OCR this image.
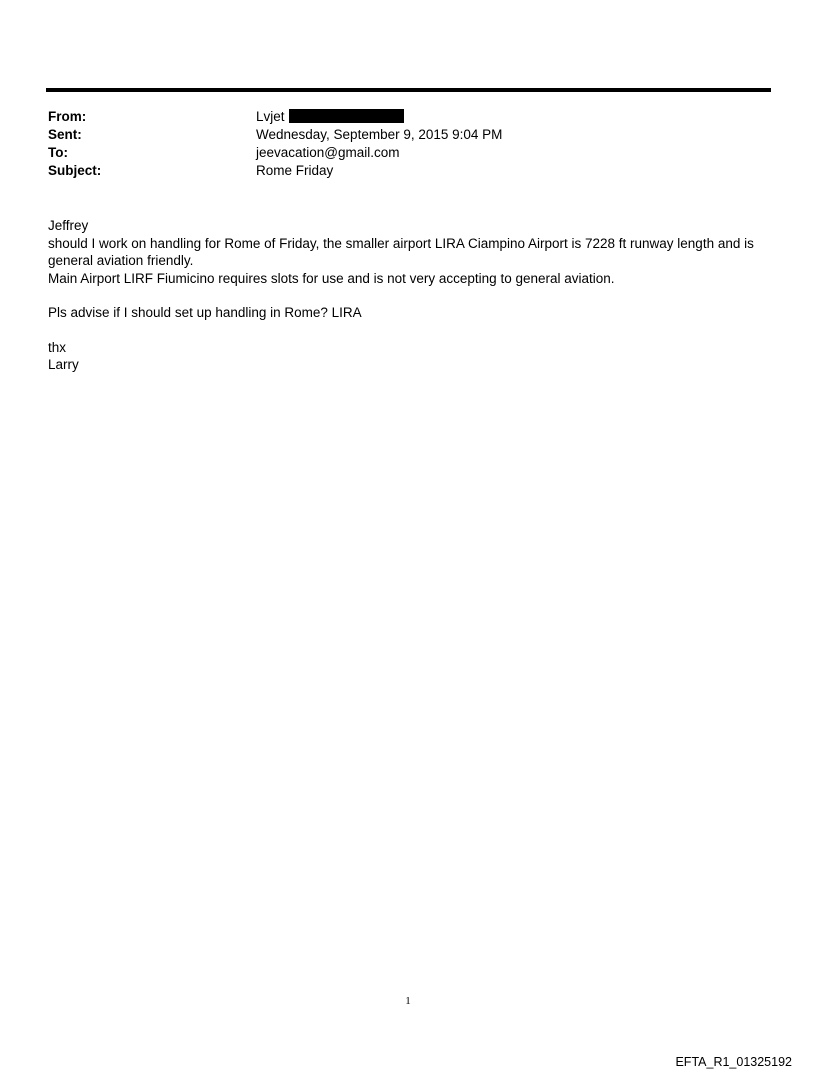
From:	Lvjet
Sent:	Wednesday, September 9, 2015 9:04 PM
To:	jeevacation@gmail.com
Subject:	Rome Friday

Jeffrey

should I work on handling for Rome of Friday, the smaller airport LIRA Ciampino Airport is 7228 ft runway length and is

general aviation friendly.

Main Airport LIRF Fiumicino requires slots for use and is not very accepting to general aviation.

Pls advise if I should set up handling in Rome? LIRA

thx

Larry

1
EFTA_R1_01325192
